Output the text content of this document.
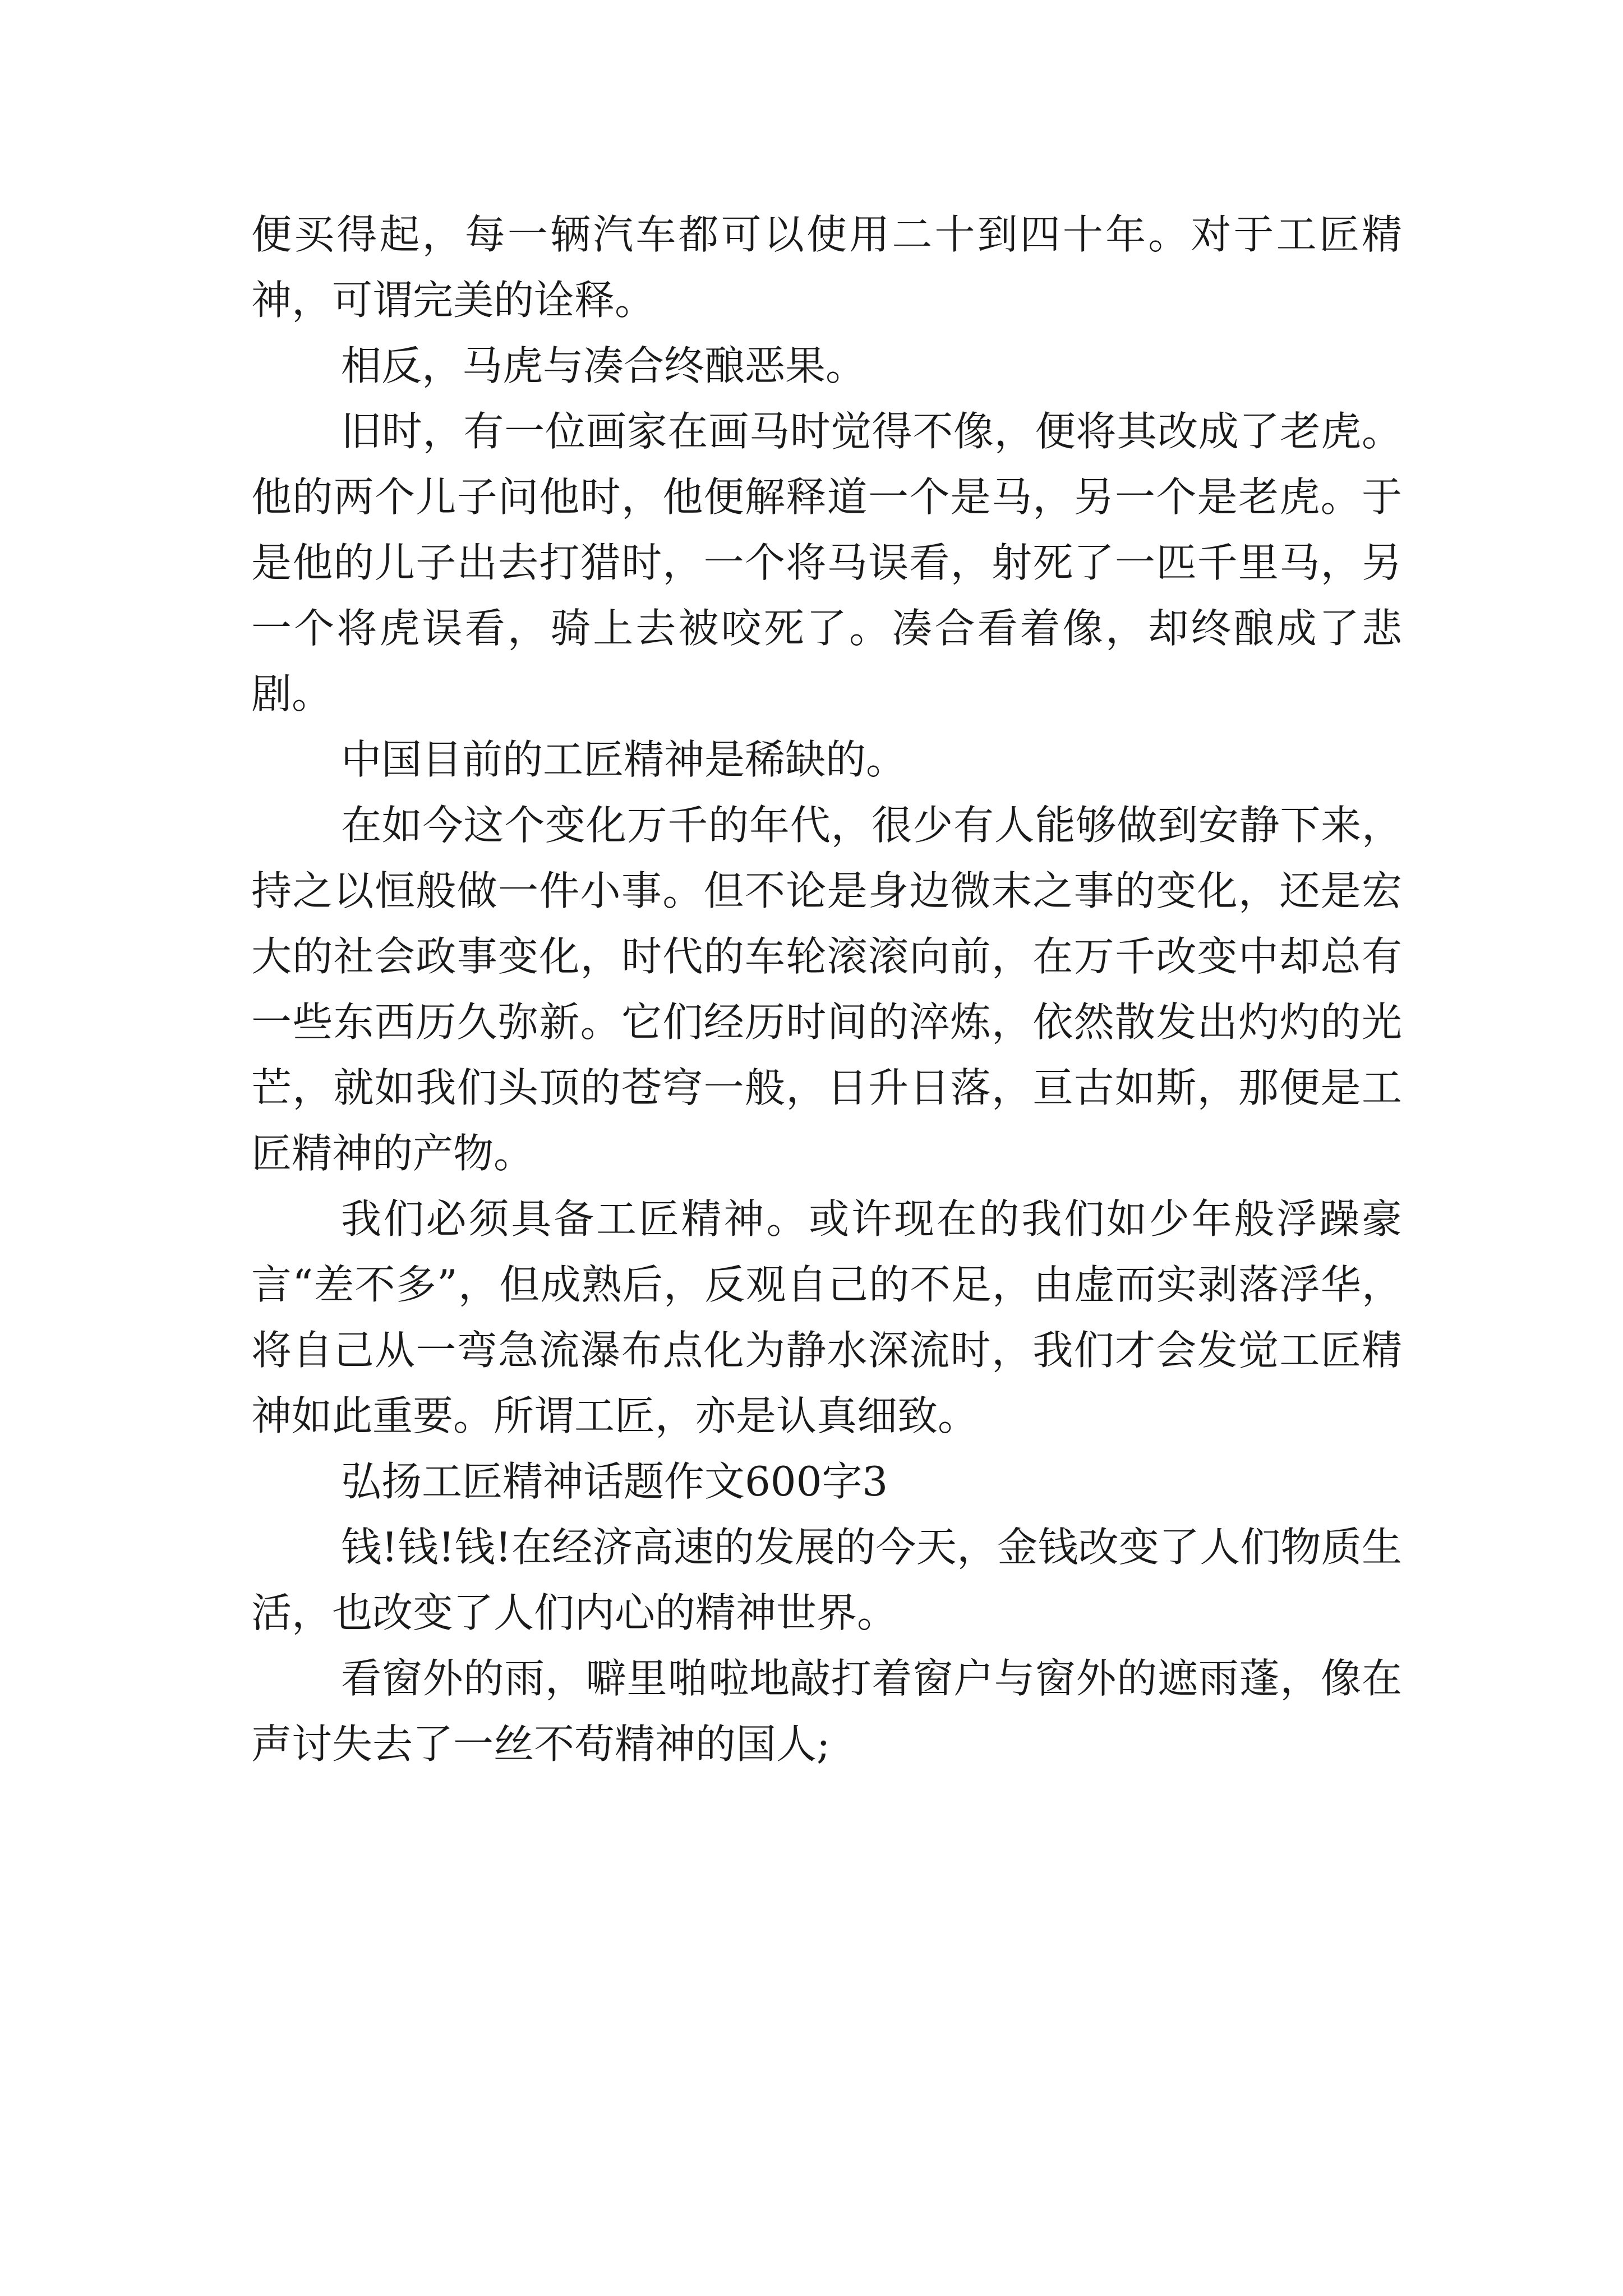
便买得起，每一辆汽车都可以使用二十到四十年。对于工匠精神，可谓完美的诠释。

相反，马虎与凑合终酿恶果。

旧时，有一位画家在画马时觉得不像，便将其改成了老虎。他的两个儿子问他时，他便解释道一个是马，另一个是老虎。于是他的儿子出去打猎时，一个将马误看，射死了一匹千里马，另一个将虎误看，骑上去被咬死了。凑合看着像，却终酿成了悲剧。

中国目前的工匠精神是稀缺的。

在如今这个变化万千的年代，很少有人能够做到安静下来，持之以恒般做一件小事。但不论是身边微末之事的变化，还是宏大的社会政事变化，时代的车轮滚滚向前，在万千改变中却总有一些东西历久弥新。它们经历时间的淬炼，依然散发出灼灼的光芒，就如我们头顶的苍穹一般，日升日落，亘古如斯，那便是工匠精神的产物。

我们必须具备工匠精神。或许现在的我们如少年般浮躁豪言“差不多”，但成熟后，反观自己的不足，由虚而实剥落浮华，将自己从一弯急流瀑布点化为静水深流时，我们才会发觉工匠精神如此重要。所谓工匠，亦是认真细致。

弘扬工匠精神话题作文600字3

钱!钱!钱!在经济高速的发展的今天，金钱改变了人们物质生活，也改变了人们内心的精神世界。

看窗外的雨，噼里啪啦地敲打着窗户与窗外的遮雨蓬，像在声讨失去了一丝不苟精神的国人;
